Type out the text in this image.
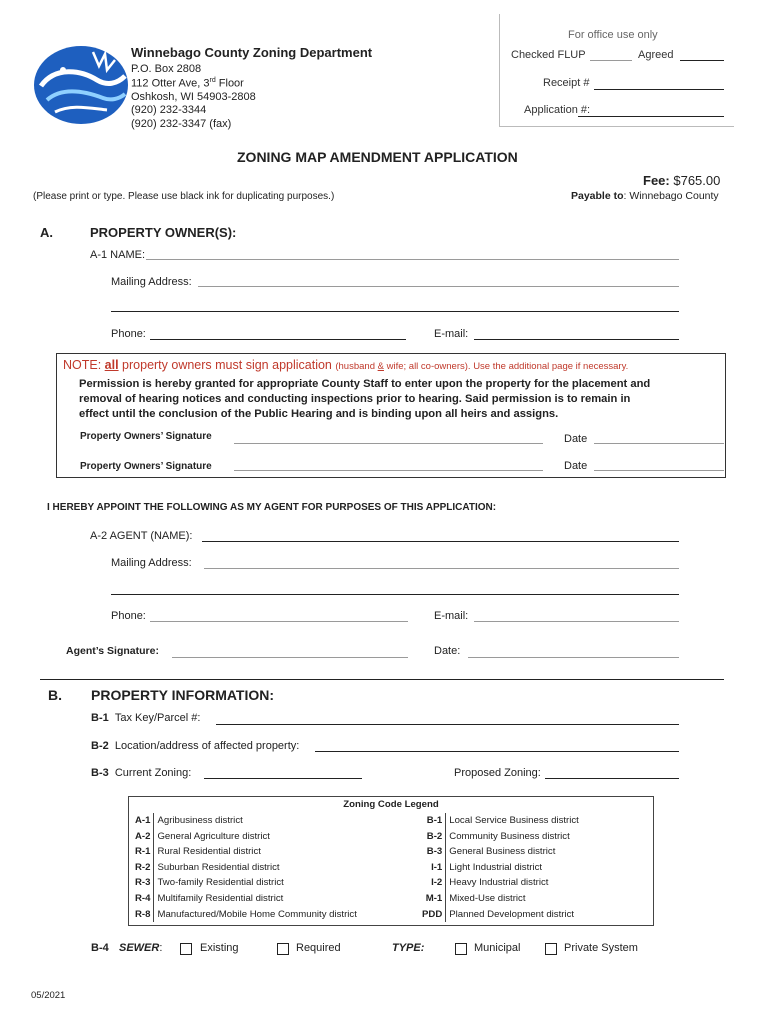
For office use only
Checked FLUP	Agreed
Receipt #
Application #:
Winnebago County Zoning Department
P.O. Box 2808
112 Otter Ave, 3rd Floor
Oshkosh, WI 54903-2808
(920) 232-3344
(920) 232-3347 (fax)
ZONING MAP AMENDMENT APPLICATION
Fee: $765.00
(Please print or type. Please use black ink for duplicating purposes.)	Payable to: Winnebago County
A.	PROPERTY OWNER(S):
A-1 NAME:
Mailing Address:
Phone:	E-mail:
NOTE: all property owners must sign application (husband & wife; all co-owners). Use the additional page if necessary.
Permission is hereby granted for appropriate County Staff to enter upon the property for the placement and
removal of hearing notices and conducting inspections prior to hearing. Said permission is to remain in
effect until the conclusion of the Public Hearing and is binding upon all heirs and assigns.
Property Owners’ Signature	Date
Property Owners’ Signature	Date
I HEREBY APPOINT THE FOLLOWING AS MY AGENT FOR PURPOSES OF THIS APPLICATION:
A-2 AGENT (NAME):
Mailing Address:
Phone:	E-mail:
Agent’s Signature:	Date:
B. PROPERTY INFORMATION:
B-1 Tax Key/Parcel #:
B-2 Location/address of affected property:
B-3 Current Zoning:	Proposed Zoning:
Zoning Code Legend
A-1	Agribusiness district
A-2	General Agriculture district
R-1	Rural Residential district
R-2	Suburban Residential district
R-3	Two-family Residential district
R-4	Multifamily Residential district
R-8	Manufactured/Mobile Home Community district
B-1	Local Service Business district
B-2	Community Business district
B-3	General Business district
I-1	Light Industrial district
I-2	Heavy Industrial district
M-1	Mixed-Use district
PDD	Planned Development district
B-4 SEWER:	Existing	Required	TYPE:	Municipal	Private System
05/2021
